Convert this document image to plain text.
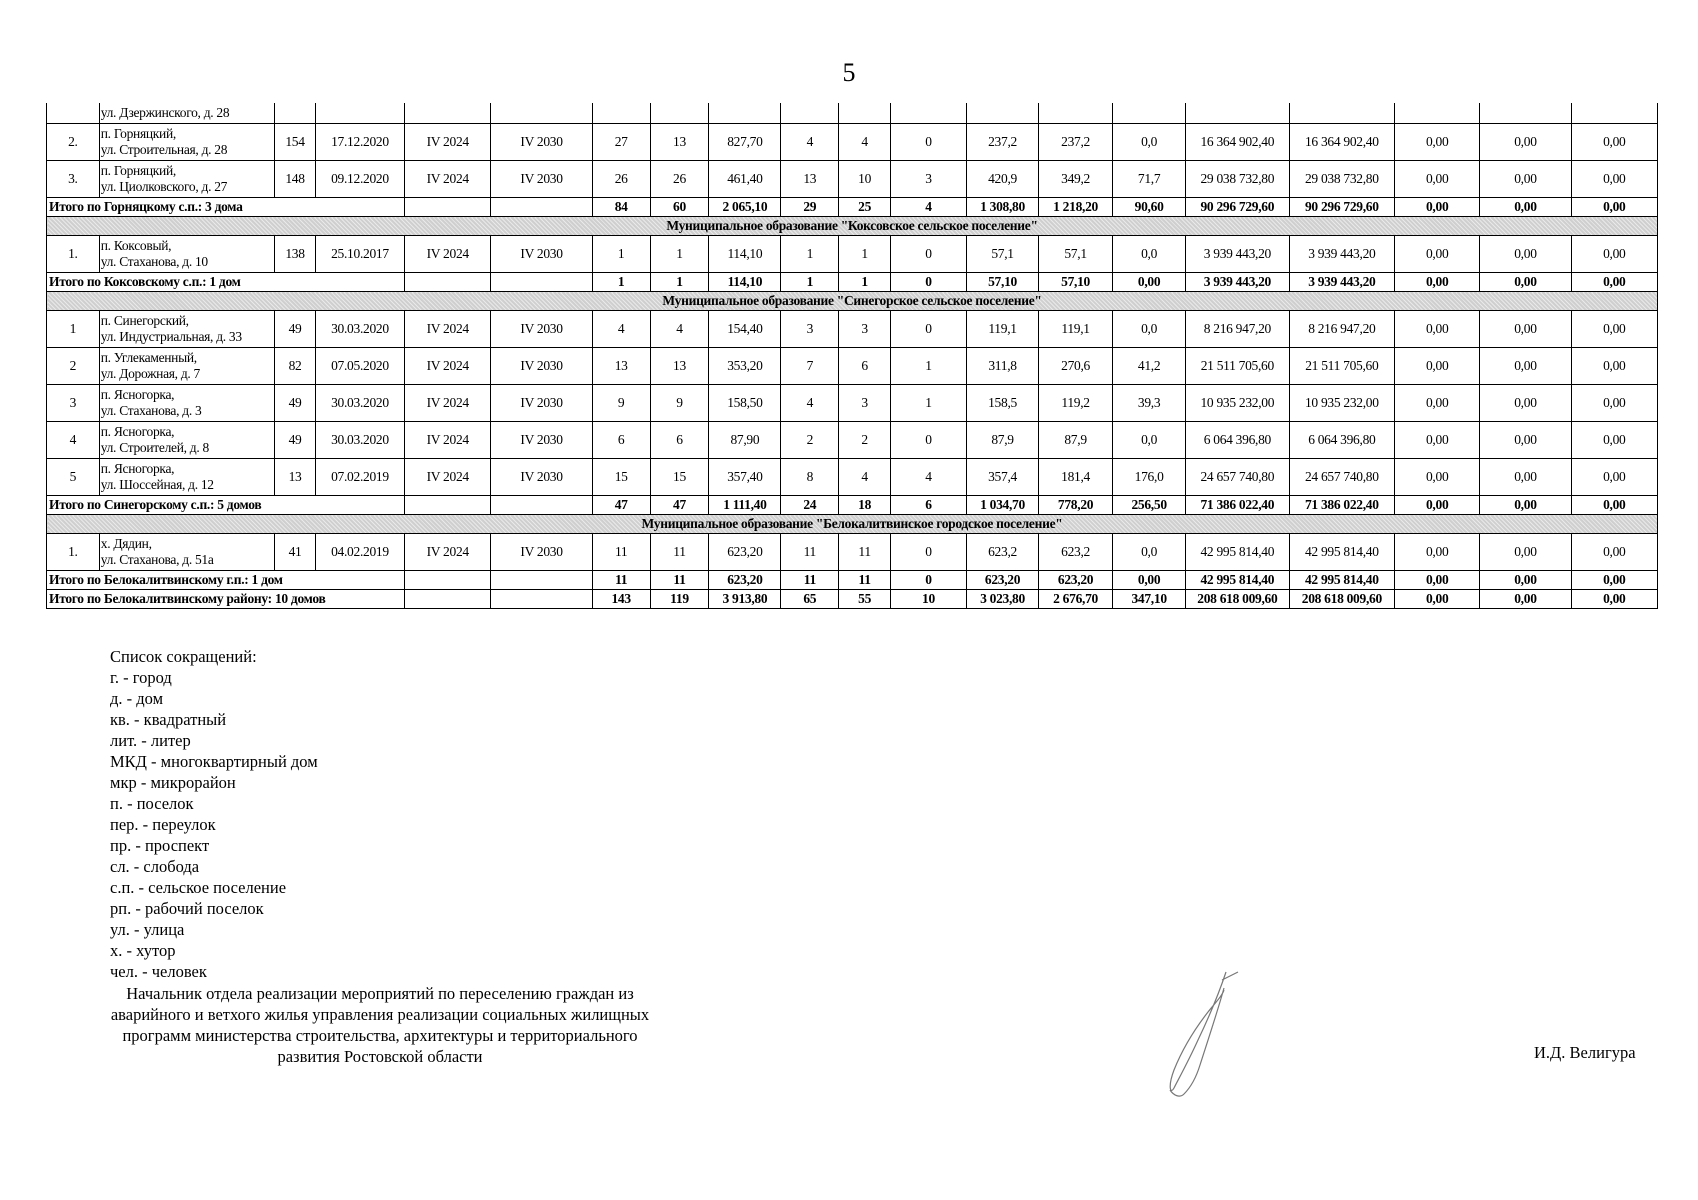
5
	ул. Дзержинского, д. 28																		
2.	п. Горняцкий,
ул. Строительная, д. 28	154	17.12.2020	IV 2024	IV 2030	27	13	827,70	4	4	0	237,2	237,2	0,0	16 364 902,40	16 364 902,40	0,00	0,00	0,00
3.	п. Горняцкий,
ул. Циолковского, д. 27	148	09.12.2020	IV 2024	IV 2030	26	26	461,40	13	10	3	420,9	349,2	71,7	29 038 732,80	29 038 732,80	0,00	0,00	0,00
Итого по Горняцкому с.п.: 3 дома						84	60	2 065,10	29	25	4	1 308,80	1 218,20	90,60	90 296 729,60	90 296 729,60	0,00	0,00	0,00
Муниципальное образование "Коксовское сельское поселение"																			
1.	п. Коксовый,
ул. Стаханова, д. 10	138	25.10.2017	IV 2024	IV 2030	1	1	114,10	1	1	0	57,1	57,1	0,0	3 939 443,20	3 939 443,20	0,00	0,00	0,00
Итого по Коксовскому с.п.: 1 дом						1	1	114,10	1	1	0	57,10	57,10	0,00	3 939 443,20	3 939 443,20	0,00	0,00	0,00
Муниципальное образование "Синегорское сельское поселение"																			
1	п. Синегорский,
ул. Индустриальная, д. 33	49	30.03.2020	IV 2024	IV 2030	4	4	154,40	3	3	0	119,1	119,1	0,0	8 216 947,20	8 216 947,20	0,00	0,00	0,00
2	п. Углекаменный,
ул. Дорожная, д. 7	82	07.05.2020	IV 2024	IV 2030	13	13	353,20	7	6	1	311,8	270,6	41,2	21 511 705,60	21 511 705,60	0,00	0,00	0,00
3	п. Ясногорка,
ул. Стаханова, д. 3	49	30.03.2020	IV 2024	IV 2030	9	9	158,50	4	3	1	158,5	119,2	39,3	10 935 232,00	10 935 232,00	0,00	0,00	0,00
4	п. Ясногорка,
ул. Строителей, д. 8	49	30.03.2020	IV 2024	IV 2030	6	6	87,90	2	2	0	87,9	87,9	0,0	6 064 396,80	6 064 396,80	0,00	0,00	0,00
5	п. Ясногорка,
ул. Шоссейная, д. 12	13	07.02.2019	IV 2024	IV 2030	15	15	357,40	8	4	4	357,4	181,4	176,0	24 657 740,80	24 657 740,80	0,00	0,00	0,00
Итого по Синегорскому с.п.: 5 домов						47	47	1 111,40	24	18	6	1 034,70	778,20	256,50	71 386 022,40	71 386 022,40	0,00	0,00	0,00
Муниципальное образование "Белокалитвинское городское поселение"																			
1.	х. Дядин,
ул. Стаханова, д. 51а	41	04.02.2019	IV 2024	IV 2030	11	11	623,20	11	11	0	623,2	623,2	0,0	42 995 814,40	42 995 814,40	0,00	0,00	0,00
Итого по Белокалитвинскому г.п.: 1 дом						11	11	623,20	11	11	0	623,20	623,20	0,00	42 995 814,40	42 995 814,40	0,00	0,00	0,00
Итого по Белокалитвинскому району: 10 домов						143	119	3 913,80	65	55	10	3 023,80	2 676,70	347,10	208 618 009,60	208 618 009,60	0,00	0,00	0,00
Список сокращений:
г. - город
д. - дом
кв. - квадратный
лит. - литер
МКД - многоквартирный дом
мкр - микрорайон
п. - поселок
пер. - переулок
пр. - проспект
сл. - слобода
с.п. - сельское поселение
рп. - рабочий поселок
ул. - улица
х. - хутор
чел. - человек
Начальник отдела реализации мероприятий по переселению граждан из
аварийного и ветхого жилья управления реализации социальных жилищных
программ министерства строительства, архитектуры и территориального
развития Ростовской области	И.Д. Велигура
